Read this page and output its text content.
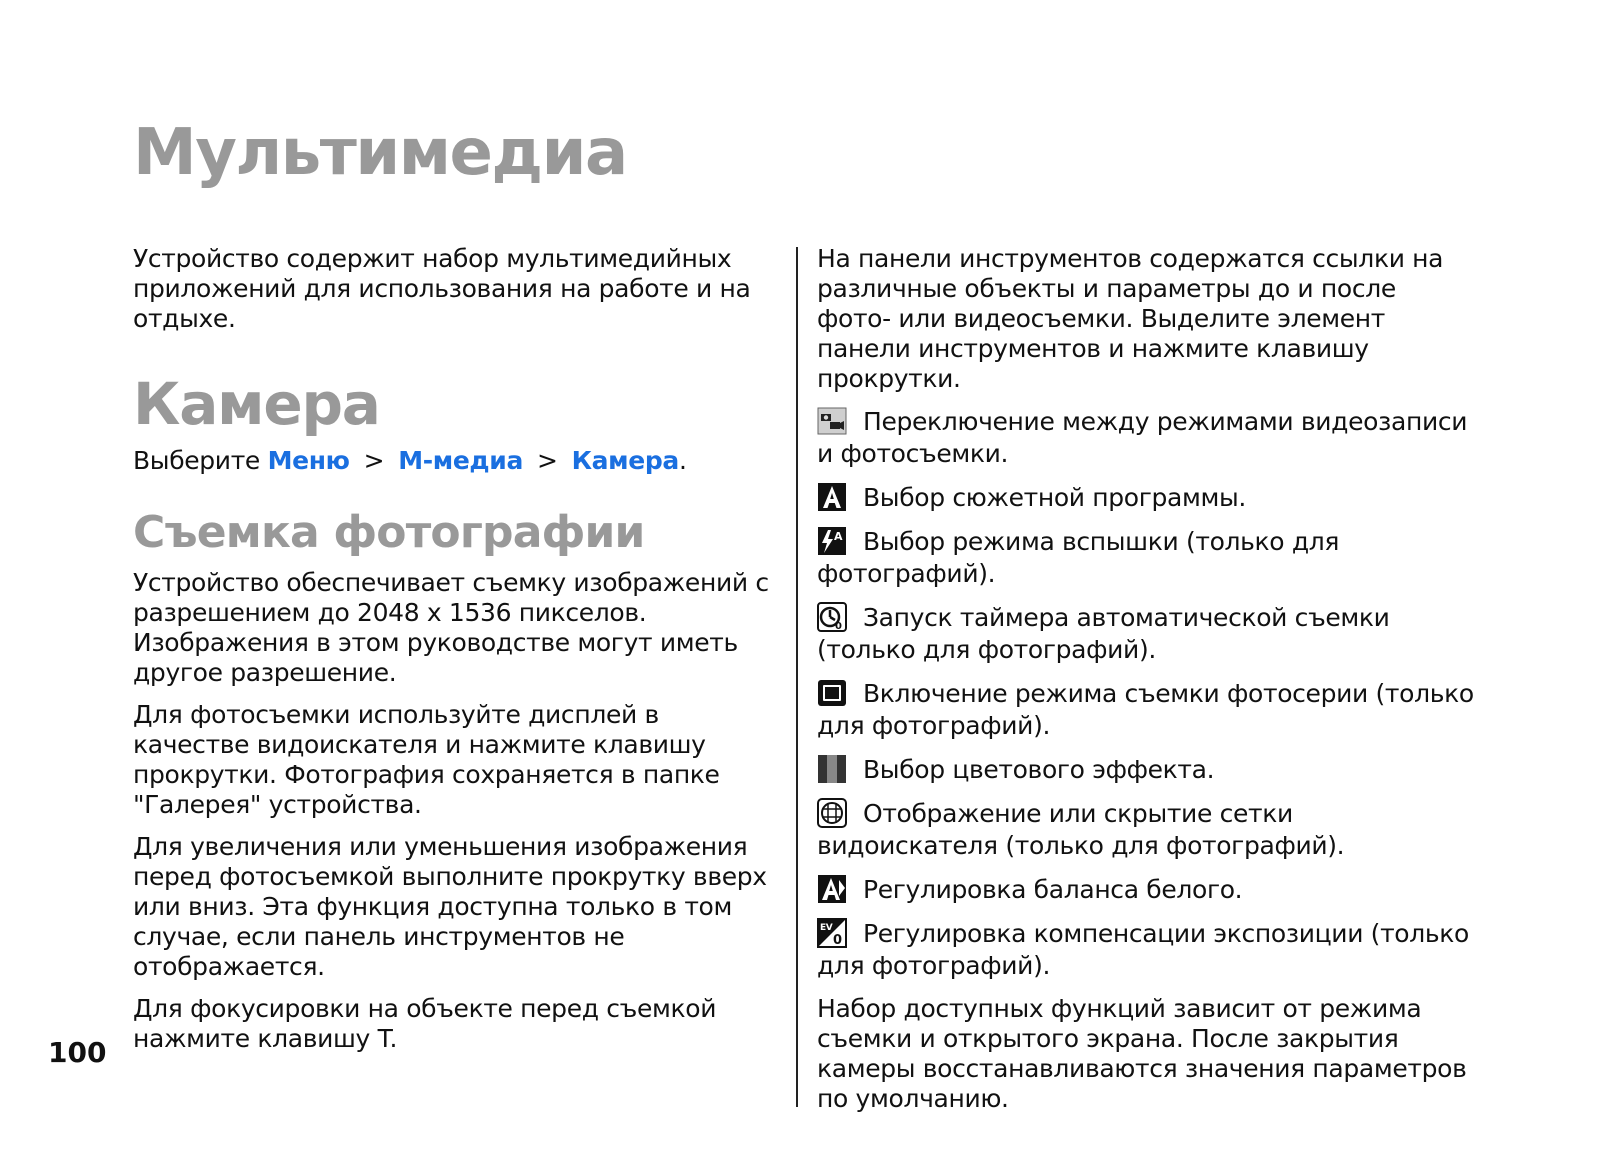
Мультимедиа

Устройство содержит набор мультимедийных приложений для использования на работе и на отдыхе.

Камера

Выберите Меню > М-медиа > Камера.

Съемка фотографии

Устройство обеспечивает съемку изображений с разрешением до 2048 x 1536 пикселов. Изображения в этом руководстве могут иметь другое разрешение.

Для фотосъемки используйте дисплей в качестве видоискателя и нажмите клавишу прокрутки. Фотография сохраняется в папке "Галерея" устройства.

Для увеличения или уменьшения изображения перед фотосъемкой выполните прокрутку вверх или вниз. Эта функция доступна только в том случае, если панель инструментов не отображается.

Для фокусировки на объекте перед съемкой нажмите клавишу T.

На панели инструментов содержатся ссылки на различные объекты и параметры до и после фото- или видеосъемки. Выделите элемент панели инструментов и нажмите клавишу прокрутки.

Переключение между режимами видеозаписи и фотосъемки.
Выбор сюжетной программы.
A Выбор режима вспышки (только для фотографий).
0 Запуск таймера автоматической съемки (только для фотографий).
Включение режима съемки фотосерии (только для фотографий).
Выбор цветового эффекта.
Отображение или скрытие сетки видоискателя (только для фотографий).
Регулировка баланса белого.
EV
0 Регулировка компенсации экспозиции (только для фотографий).

Набор доступных функций зависит от режима съемки и открытого экрана. После закрытия камеры восстанавливаются значения параметров по умолчанию.

100
